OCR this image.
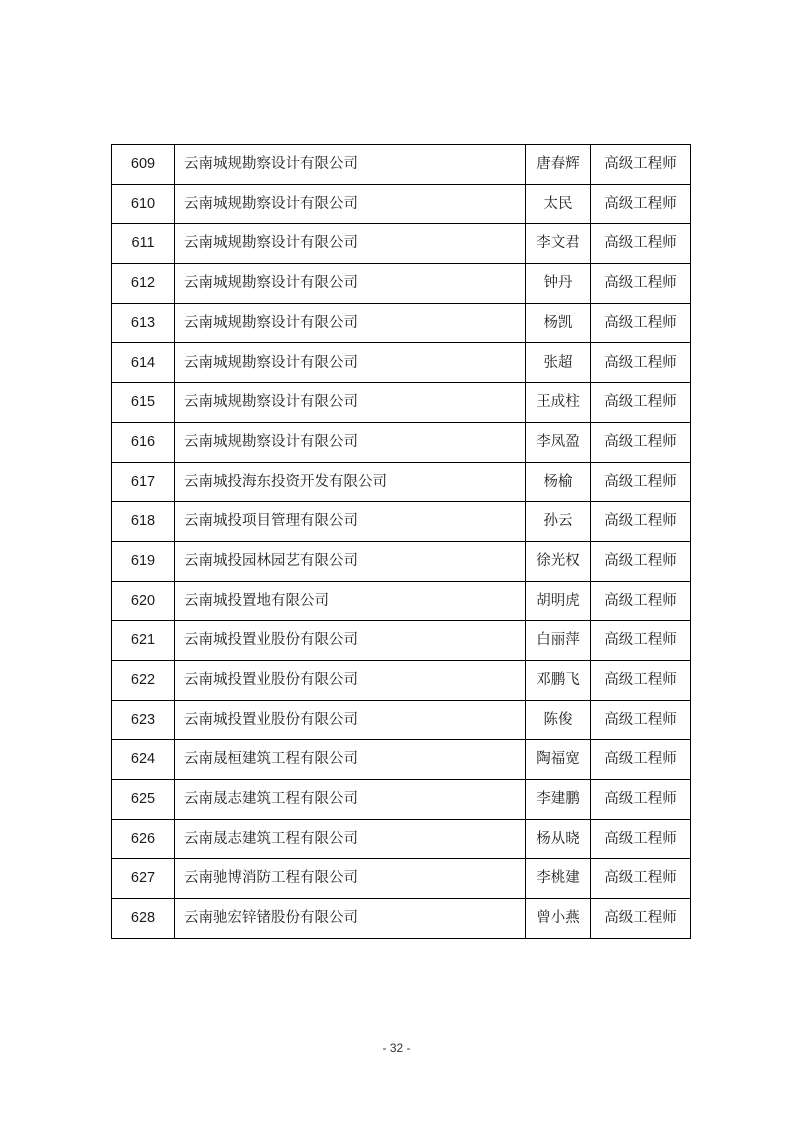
609	云南城规勘察设计有限公司	唐春辉	高级工程师
610	云南城规勘察设计有限公司	太民	高级工程师
611	云南城规勘察设计有限公司	李文君	高级工程师
612	云南城规勘察设计有限公司	钟丹	高级工程师
613	云南城规勘察设计有限公司	杨凯	高级工程师
614	云南城规勘察设计有限公司	张超	高级工程师
615	云南城规勘察设计有限公司	王成柱	高级工程师
616	云南城规勘察设计有限公司	李凤盈	高级工程师
617	云南城投海东投资开发有限公司	杨榆	高级工程师
618	云南城投项目管理有限公司	孙云	高级工程师
619	云南城投园林园艺有限公司	徐光权	高级工程师
620	云南城投置地有限公司	胡明虎	高级工程师
621	云南城投置业股份有限公司	白丽萍	高级工程师
622	云南城投置业股份有限公司	邓鹏飞	高级工程师
623	云南城投置业股份有限公司	陈俊	高级工程师
624	云南晟桓建筑工程有限公司	陶福宽	高级工程师
625	云南晟志建筑工程有限公司	李建鹏	高级工程师
626	云南晟志建筑工程有限公司	杨从晓	高级工程师
627	云南驰博消防工程有限公司	李桃建	高级工程师
628	云南驰宏锌锗股份有限公司	曾小燕	高级工程师
- 32 -
